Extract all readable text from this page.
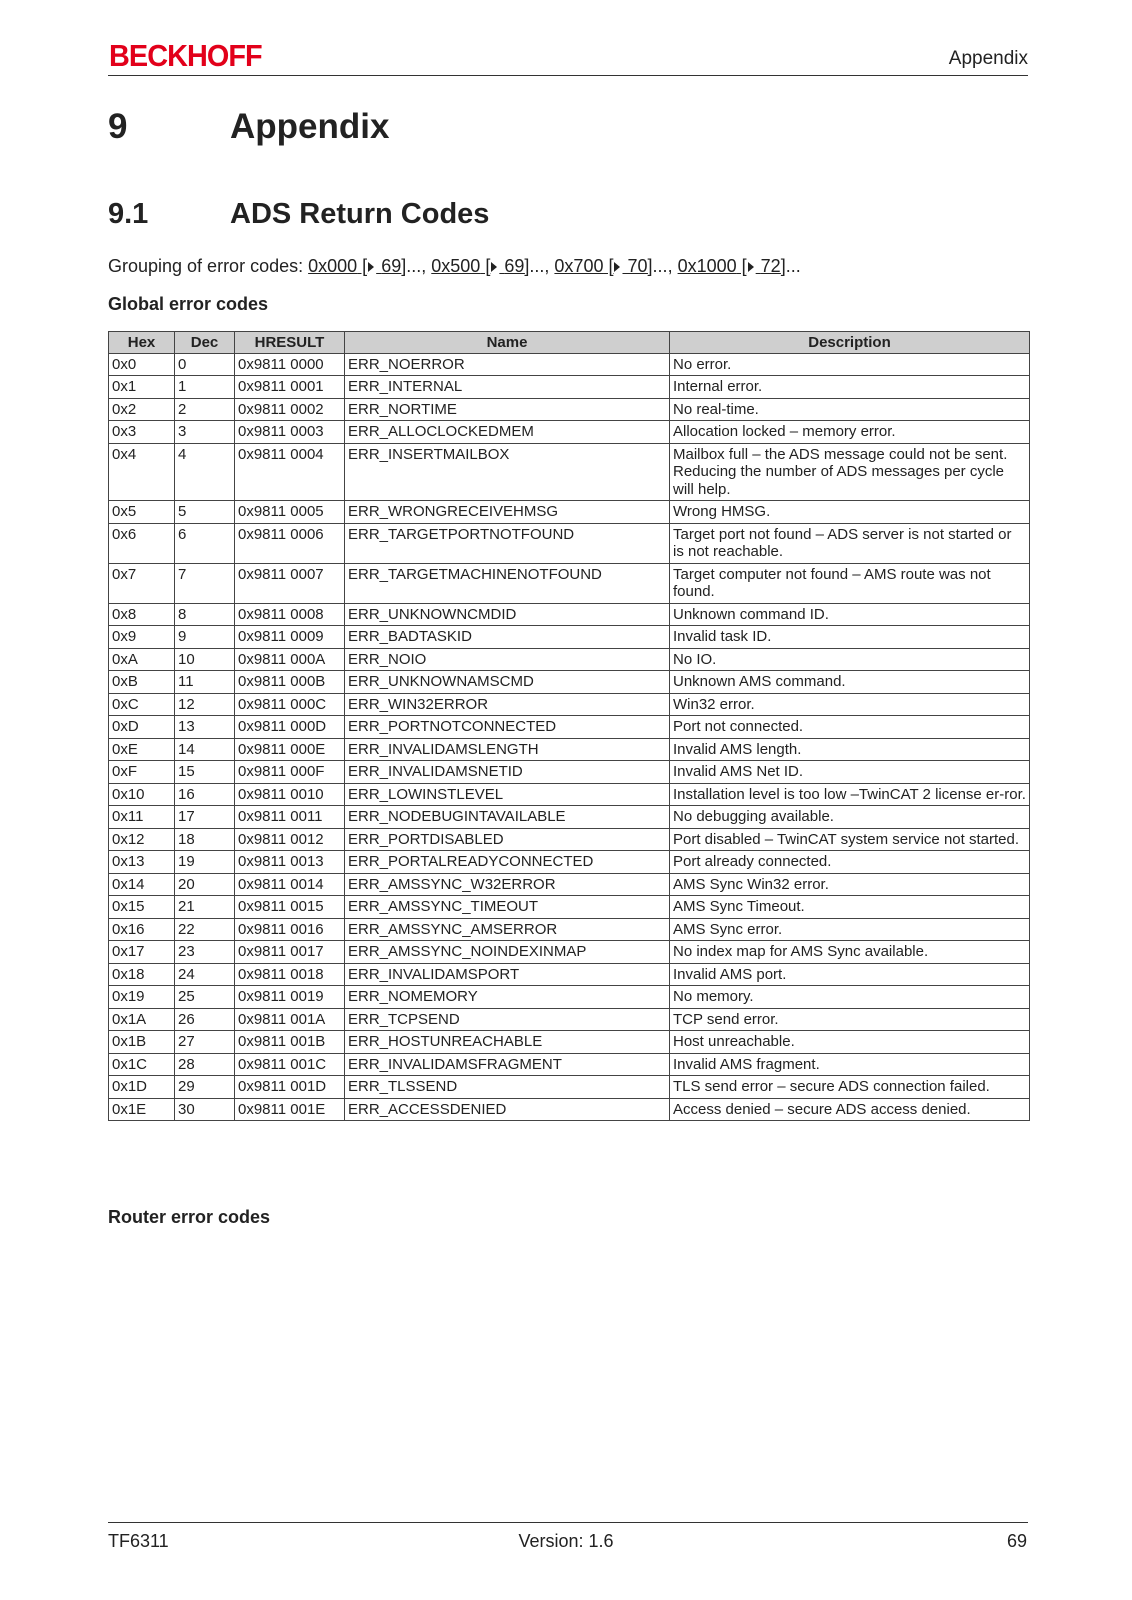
BECKHOFF	Appendix
9	Appendix
9.1	ADS Return Codes
Grouping of error codes: 0x000 [ 69]..., 0x500 [ 69]..., 0x700 [ 70]..., 0x1000 [ 72]...
Global error codes
Hex	Dec	HRESULT	Name	Description
0x0	0	0x9811 0000	ERR_NOERROR	No error.
0x1	1	0x9811 0001	ERR_INTERNAL	Internal error.
0x2	2	0x9811 0002	ERR_NORTIME	No real-time.
0x3	3	0x9811 0003	ERR_ALLOCLOCKEDMEM	Allocation locked – memory error.
0x4	4	0x9811 0004	ERR_INSERTMAILBOX	Mailbox full – the ADS message could not be sent. Reducing the number of ADS messages per cycle will help.
0x5	5	0x9811 0005	ERR_WRONGRECEIVEHMSG	Wrong HMSG.
0x6	6	0x9811 0006	ERR_TARGETPORTNOTFOUND	Target port not found – ADS server is not started or is not reachable.
0x7	7	0x9811 0007	ERR_TARGETMACHINENOTFOUND	Target computer not found – AMS route was not found.
0x8	8	0x9811 0008	ERR_UNKNOWNCMDID	Unknown command ID.
0x9	9	0x9811 0009	ERR_BADTASKID	Invalid task ID.
0xA	10	0x9811 000A	ERR_NOIO	No IO.
0xB	11	0x9811 000B	ERR_UNKNOWNAMSCMD	Unknown AMS command.
0xC	12	0x9811 000C	ERR_WIN32ERROR	Win32 error.
0xD	13	0x9811 000D	ERR_PORTNOTCONNECTED	Port not connected.
0xE	14	0x9811 000E	ERR_INVALIDAMSLENGTH	Invalid AMS length.
0xF	15	0x9811 000F	ERR_INVALIDAMSNETID	Invalid AMS Net ID.
0x10	16	0x9811 0010	ERR_LOWINSTLEVEL	Installation level is too low –TwinCAT 2 license er-ror.
0x11	17	0x9811 0011	ERR_NODEBUGINTAVAILABLE	No debugging available.
0x12	18	0x9811 0012	ERR_PORTDISABLED	Port disabled – TwinCAT system service not started.
0x13	19	0x9811 0013	ERR_PORTALREADYCONNECTED	Port already connected.
0x14	20	0x9811 0014	ERR_AMSSYNC_W32ERROR	AMS Sync Win32 error.
0x15	21	0x9811 0015	ERR_AMSSYNC_TIMEOUT	AMS Sync Timeout.
0x16	22	0x9811 0016	ERR_AMSSYNC_AMSERROR	AMS Sync error.
0x17	23	0x9811 0017	ERR_AMSSYNC_NOINDEXINMAP	No index map for AMS Sync available.
0x18	24	0x9811 0018	ERR_INVALIDAMSPORT	Invalid AMS port.
0x19	25	0x9811 0019	ERR_NOMEMORY	No memory.
0x1A	26	0x9811 001A	ERR_TCPSEND	TCP send error.
0x1B	27	0x9811 001B	ERR_HOSTUNREACHABLE	Host unreachable.
0x1C	28	0x9811 001C	ERR_INVALIDAMSFRAGMENT	Invalid AMS fragment.
0x1D	29	0x9811 001D	ERR_TLSSEND	TLS send error – secure ADS connection failed.
0x1E	30	0x9811 001E	ERR_ACCESSDENIED	Access denied – secure ADS access denied.
Router error codes
TF6311	Version: 1.6	69
